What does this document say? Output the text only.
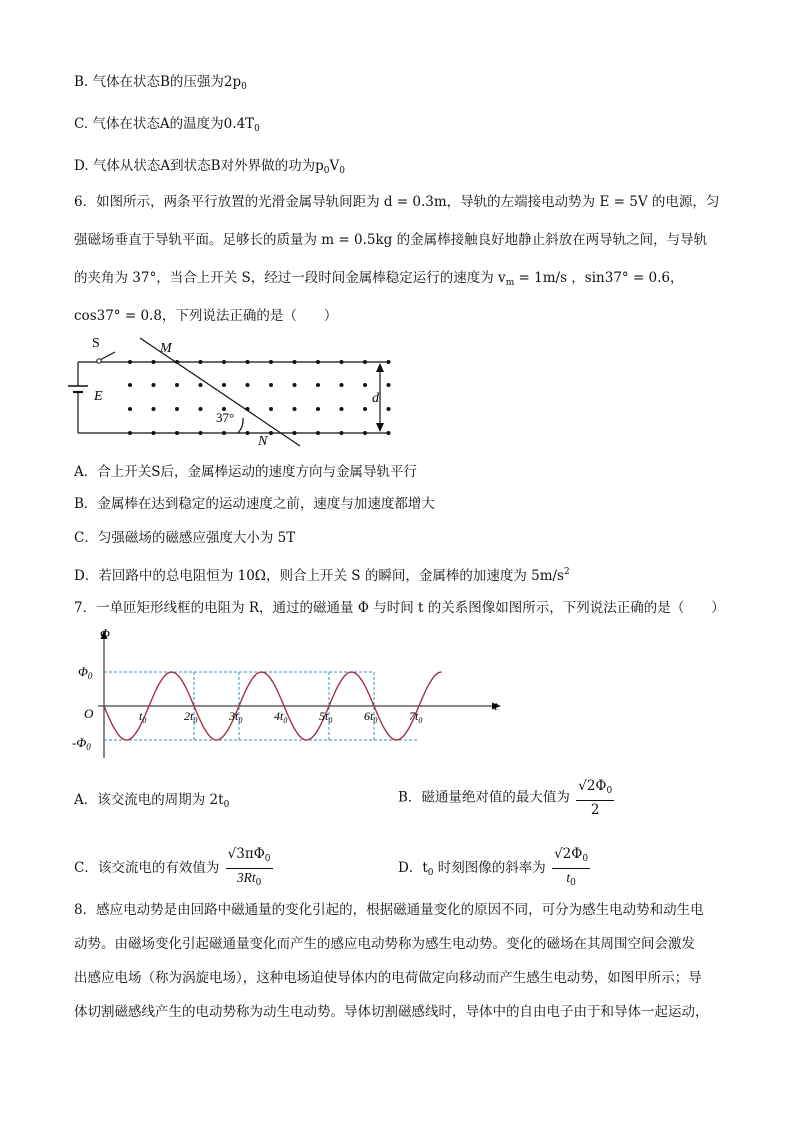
B. 气体在状态B的压强为$2p_0$
C. 气体在状态A的温度为$0.4T_0$
D. 气体从状态A到状态B对外界做的功为$p_0V_0$
6．如图所示，两条平行放置的光滑金属导轨间距为 d = 0.3m，导轨的左端接电动势为 E = 5V 的电源，匀
强磁场垂直于导轨平面。足够长的质量为 m = 0.5kg 的金属棒接触良好地静止斜放在两导轨之间，与导轨
的夹角为 37°，当合上开关 S，经过一段时间金属棒稳定运行的速度为 $v_m = 1m/s$ ，sin37° = 0.6，
cos37° = 0.8，下列说法正确的是（　　）
S	M
E
37°
N
d
A．合上开关S后，金属棒运动的速度方向与金属导轨平行
B．金属棒在达到稳定的运动速度之前，速度与加速度都增大
C．匀强磁场的磁感应强度大小为 5T
D．若回路中的总电阻恒为 10Ω，则合上开关 S 的瞬间，金属棒的加速度为 $5m/s^2$
7．一单匝矩形线框的电阻为 R，通过的磁通量 Φ 与时间 t 的关系图像如图所示，下列说法正确的是（　　）
Φ
t
O
$\Phi_0$
$-\Phi_0$
$t_0$	$2t_0$	$3t_0$	$4t_0$	$5t_0$	$6t_0$	$7t_0$
A．该交流电的周期为 $2t_0$	B．磁通量绝对值的最大值为 $\frac{√2\Phi_0}{2}$
C．该交流电的有效值为 $\frac{√3\pi\Phi_0}{3Rt_0}$	D．$t_0$ 时刻图像的斜率为 $\frac{√2\Phi_0}{t_0}$
8．感应电动势是由回路中磁通量的变化引起的，根据磁通量变化的原因不同，可分为感生电动势和动生电
动势。由磁场变化引起磁通量变化而产生的感应电动势称为感生电动势。变化的磁场在其周围空间会激发
出感应电场（称为涡旋电场），这种电场迫使导体内的电荷做定向移动而产生感生电动势，如图甲所示；导
体切割磁感线产生的电动势称为动生电动势。导体切割磁感线时，导体中的自由电子由于和导体一起运动，
